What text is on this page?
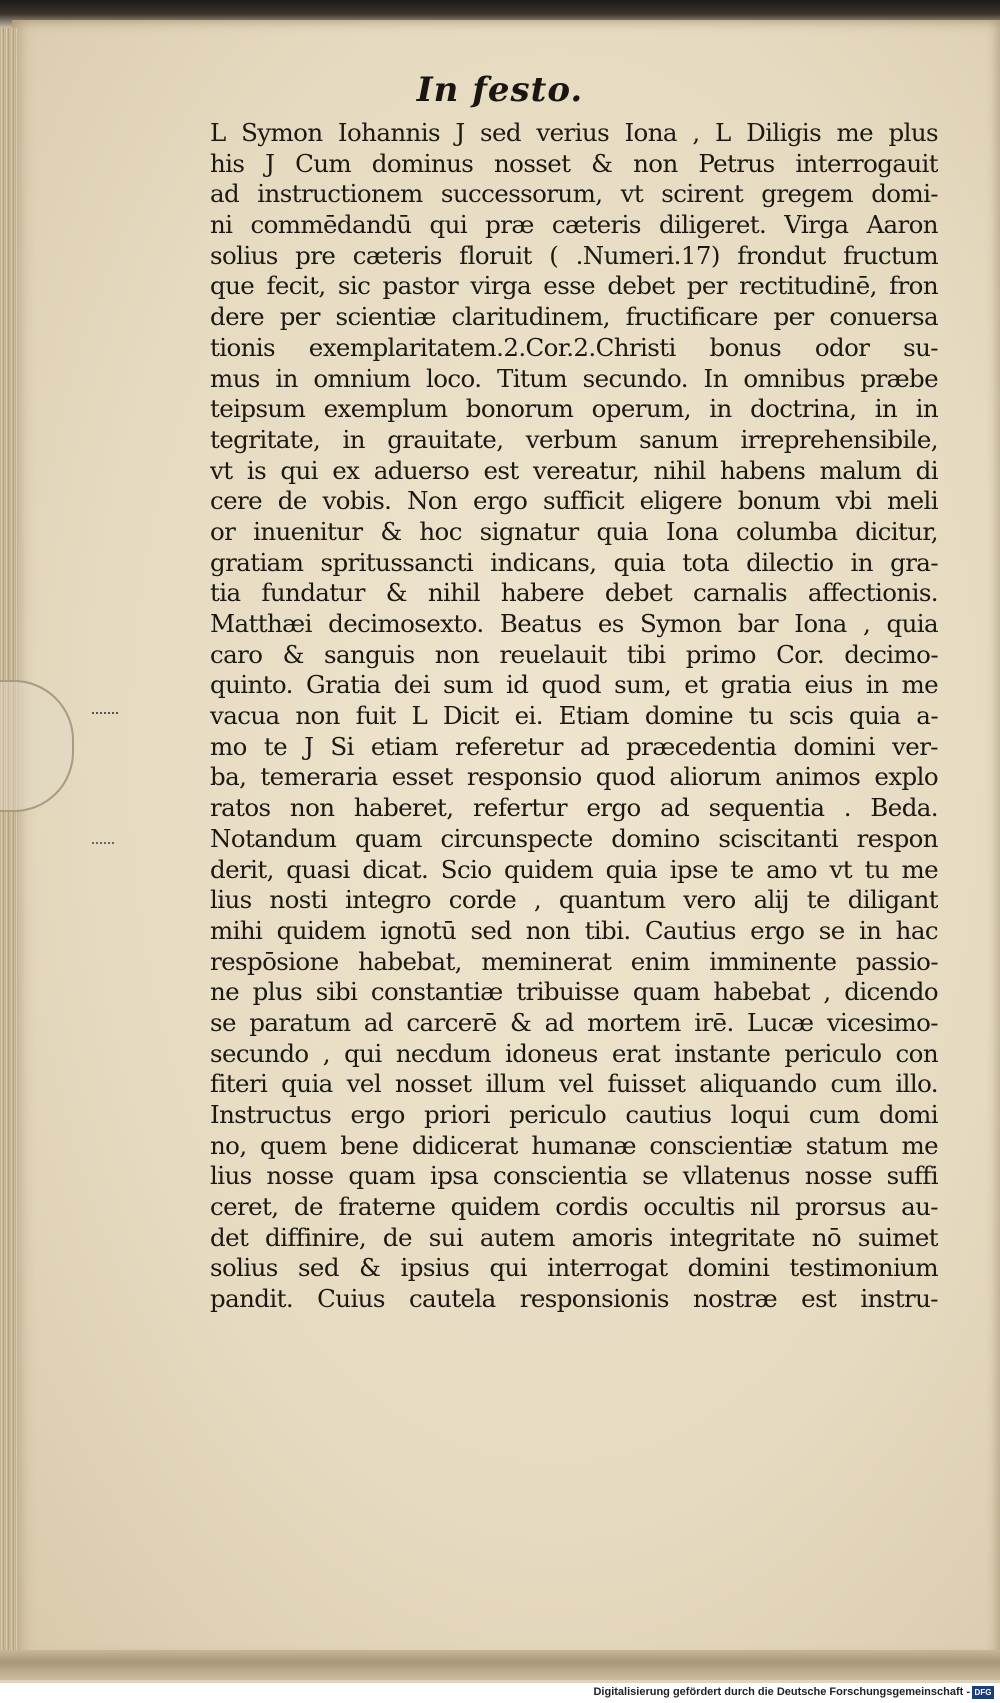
In festo.
L Symon Iohannis J sed verius Iona , L Diligis me plus
his J Cum dominus nosset & non Petrus interrogauit
ad instructionem successorum, vt scirent gregem domi-
ni commēdandū qui præ cæteris diligeret. Virga Aaron
solius pre cæteris floruit ( .Numeri.17) frondut fructum
que fecit, sic pastor virga esse debet per rectitudinē, fron
dere per scientiæ claritudinem, fructificare per conuersa
tionis exemplaritatem.2.Cor.2.Christi bonus odor su-
mus in omnium loco. Titum secundo. In omnibus præbe
teipsum exemplum bonorum operum, in doctrina, in in
tegritate, in grauitate, verbum sanum irreprehensibile,
vt is qui ex aduerso est vereatur, nihil habens malum di
cere de vobis. Non ergo sufficit eligere bonum vbi meli
or inuenitur & hoc signatur quia Iona columba dicitur,
gratiam spritussancti indicans, quia tota dilectio in gra-
tia fundatur & nihil habere debet carnalis affectionis.
Matthæi decimosexto. Beatus es Symon bar Iona , quia
caro & sanguis non reuelauit tibi primo Cor. decimo-
quinto. Gratia dei sum id quod sum, et gratia eius in me
vacua non fuit L Dicit ei. Etiam domine tu scis quia a-
mo te J Si etiam referetur ad præcedentia domini ver-
ba, temeraria esset responsio quod aliorum animos explo
ratos non haberet, refertur ergo ad sequentia . Beda.
Notandum quam circunspecte domino sciscitanti respon
derit, quasi dicat. Scio quidem quia ipse te amo vt tu me
lius nosti integro corde , quantum vero alij te diligant
mihi quidem ignotū sed non tibi. Cautius ergo se in hac
respōsione habebat, meminerat enim imminente passio-
ne plus sibi constantiæ tribuisse quam habebat , dicendo
se paratum ad carcerē & ad mortem irē. Lucæ vicesimo-
secundo , qui necdum idoneus erat instante periculo con
fiteri quia vel nosset illum vel fuisset aliquando cum illo.
Instructus ergo priori periculo cautius loqui cum domi
no, quem bene didicerat humanæ conscientiæ statum me
lius nosse quam ipsa conscientia se vllatenus nosse suffi
ceret, de fraterne quidem cordis occultis nil prorsus au-
det diffinire, de sui autem amoris integritate nō suimet
solius sed & ipsius qui interrogat domini testimonium
pandit. Cuius cautela responsionis nostræ est instru-
Digitalisierung gefördert durch die Deutsche Forschungsgemeinschaft - DFG
